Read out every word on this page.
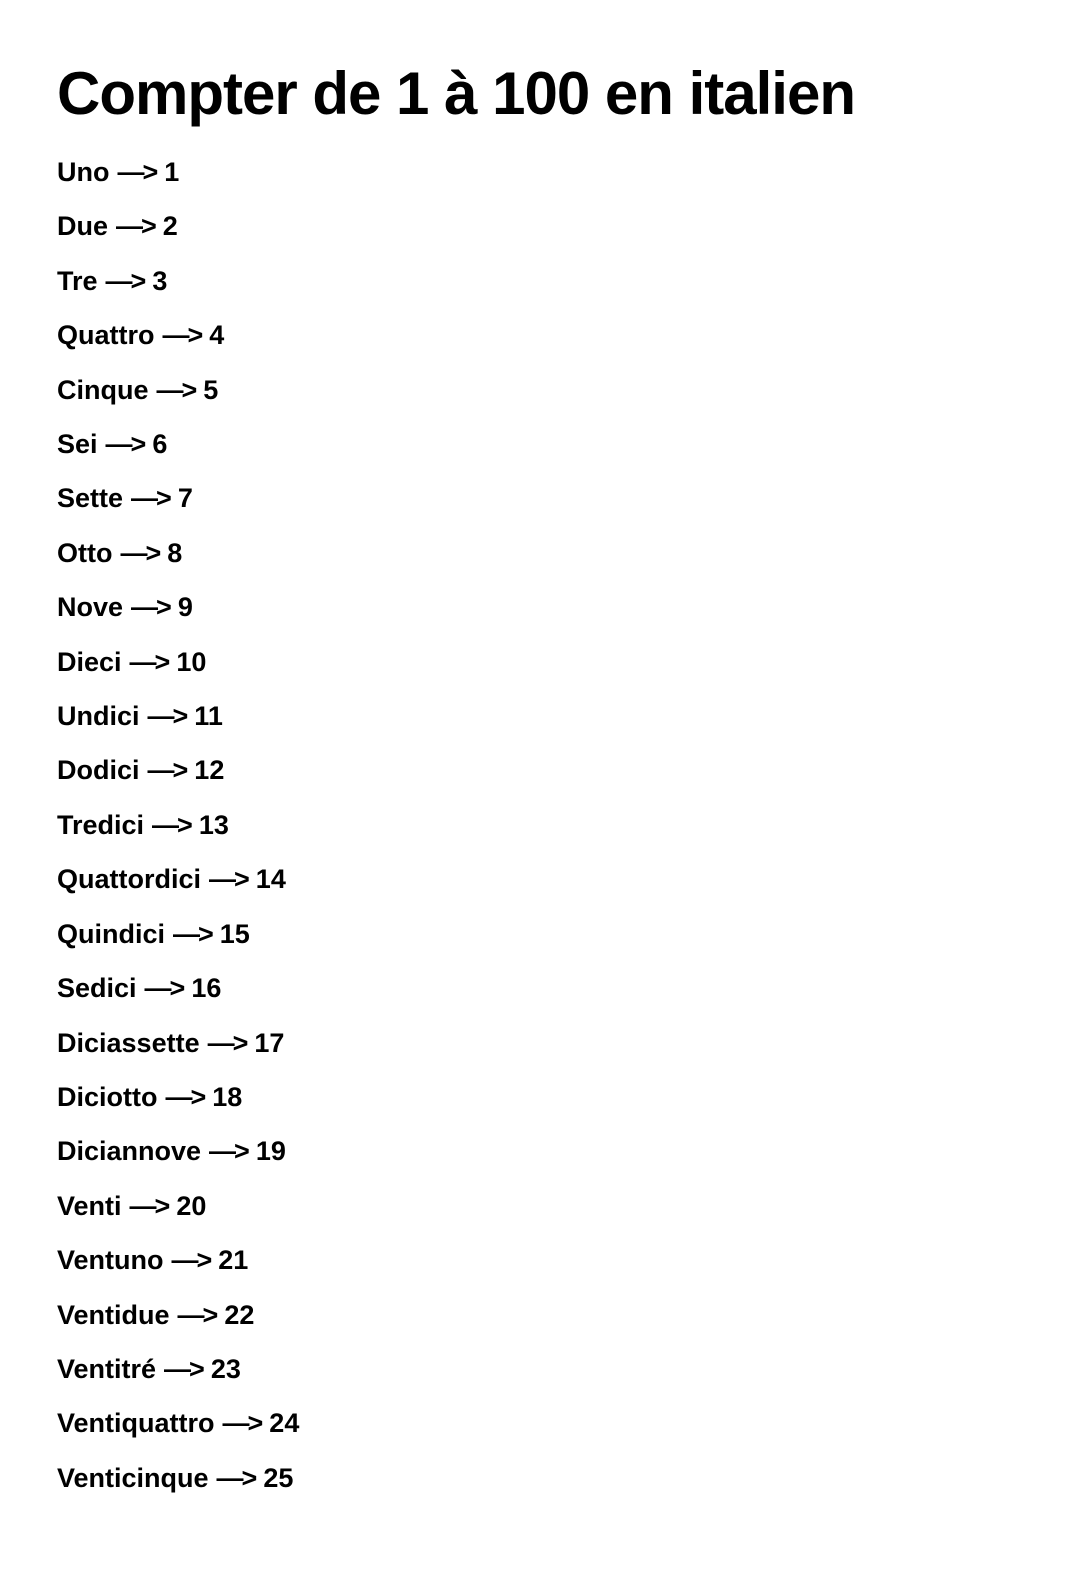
Compter de 1 à 100 en italien

Uno —> 1

Due —> 2

Tre —> 3

Quattro —> 4

Cinque —> 5

Sei —> 6

Sette —> 7

Otto —> 8

Nove —> 9

Dieci —> 10

Undici —> 11

Dodici —> 12

Tredici —> 13

Quattordici —> 14

Quindici —> 15

Sedici —> 16

Diciassette —> 17

Diciotto —> 18

Diciannove —> 19

Venti —> 20

Ventuno —> 21

Ventidue —> 22

Ventitré —> 23

Ventiquattro —> 24

Venticinque —> 25
